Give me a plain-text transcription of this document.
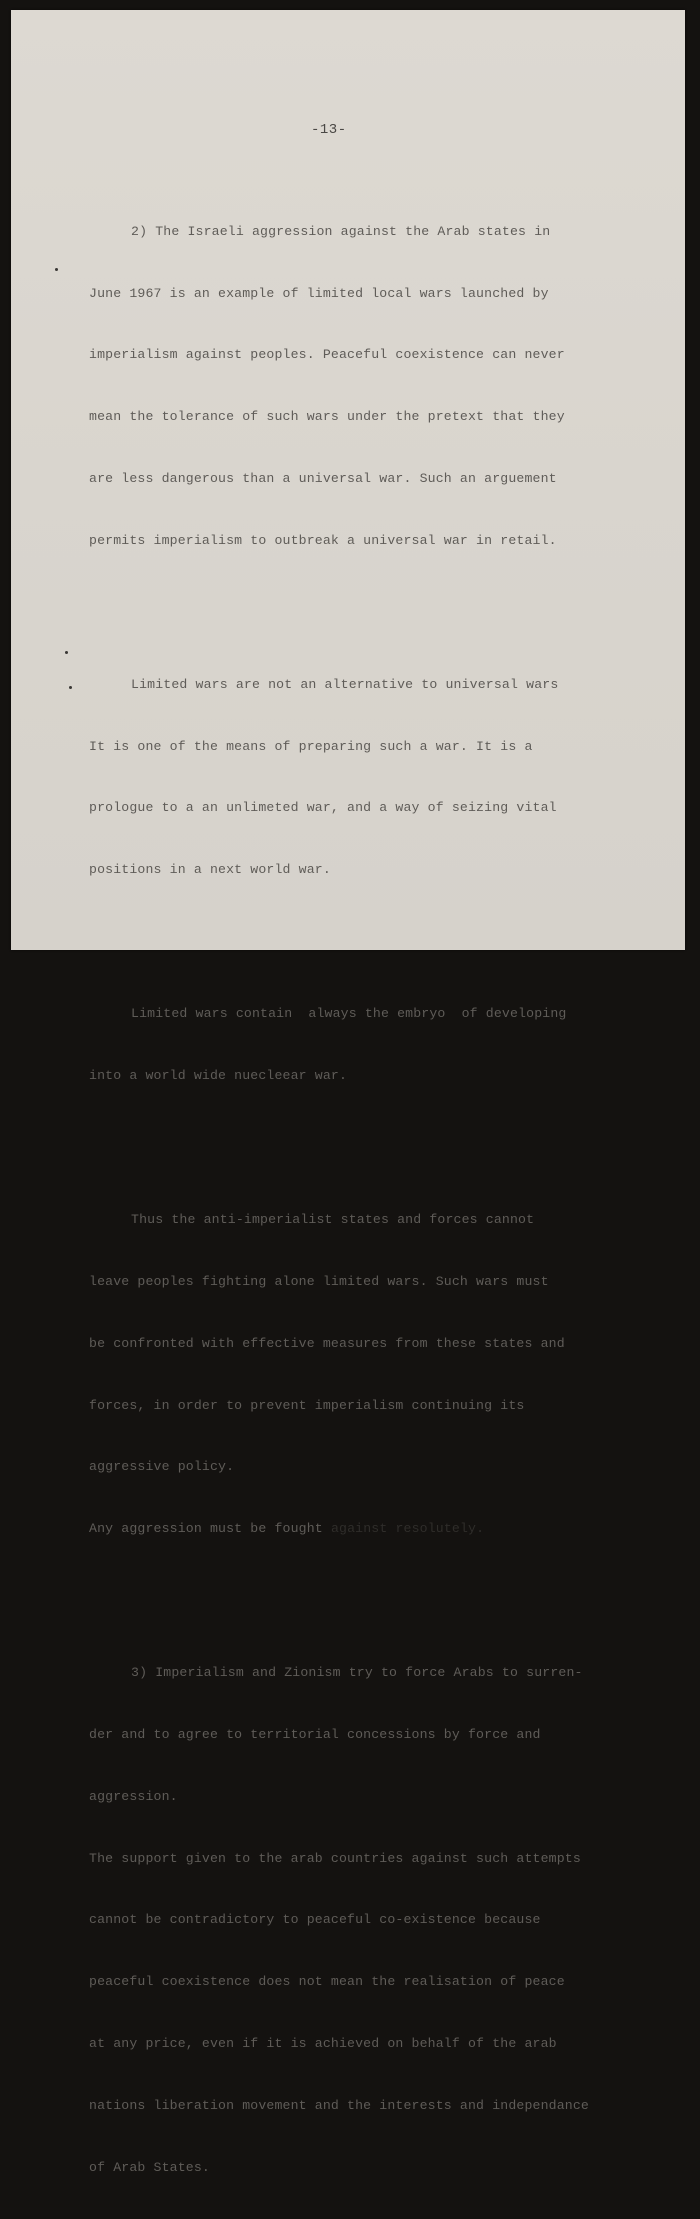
-13-

2) The Israeli aggression against the Arab states in

June 1967 is an example of limited local wars launched by

imperialism against peoples. Peaceful coexistence can never

mean the tolerance of such wars under the pretext that they

are less dangerous than a universal war. Such an arguement

permits imperialism to outbreak a universal war in retail.

Limited wars are not an alternative to universal wars

It is one of the means of preparing such a war. It is a

prologue to a an unlimeted war, and a way of seizing vital

positions in a next world war.

Limited wars contain  always the embryo  of developing

into a world wide nuecleear war.

Thus the anti-imperialist states and forces cannot

leave peoples fighting alone limited wars. Such wars must

be confronted with effective measures from these states and

forces, in order to prevent imperialism continuing its

aggressive policy.

Any aggression must be fought against resolutely.

3) Imperialism and Zionism try to force Arabs to surren-

der and to agree to territorial concessions by force and

aggression.

The support given to the arab countries against such attempts

cannot be contradictory to peaceful co-existence because

peaceful coexistence does not mean the realisation of peace

at any price, even if it is achieved on behalf of the arab

nations liberation movement and the interests and independance

of Arab States.
